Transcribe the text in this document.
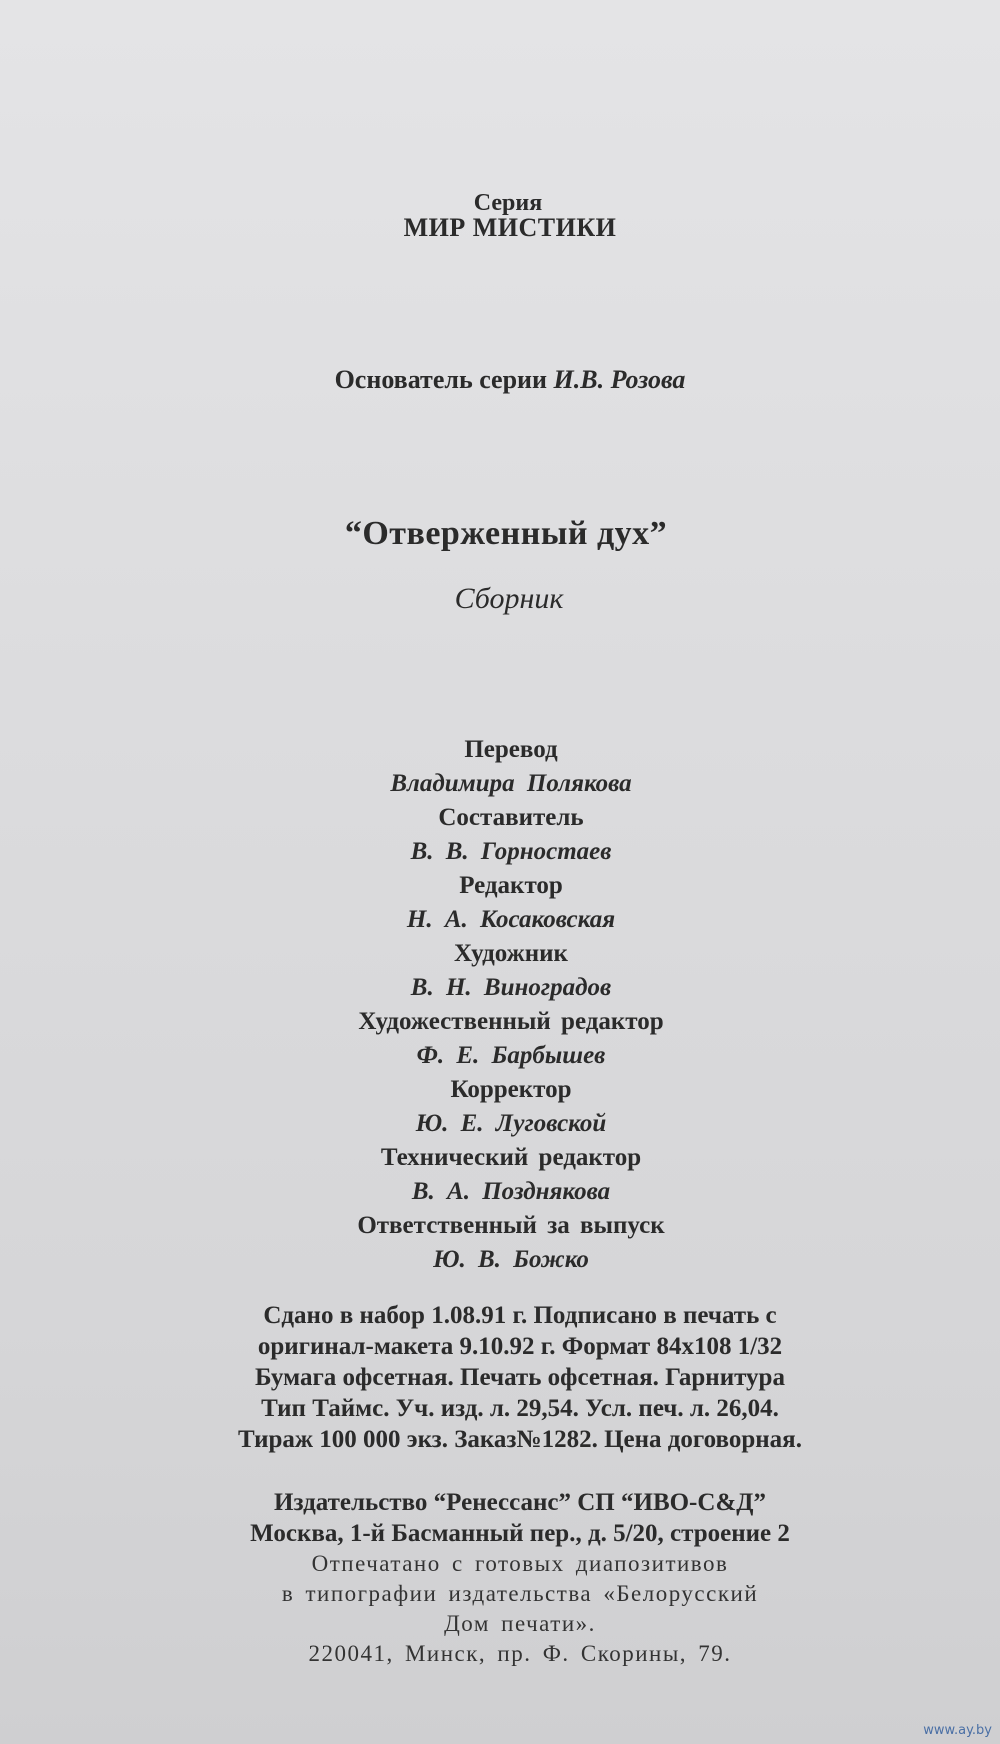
Серия
МИР МИСТИКИ
Основатель серии И.В. Розова
“Отверженный дух”
Сборник
Перевод
Владимира Полякова
Составитель
В. В. Горностаев
Редактор
Н. А. Косаковская
Художник
В. Н. Виноградов
Художественный редактор
Ф. Е. Барбышев
Корректор
Ю. Е. Луговской
Технический редактор
В. А. Позднякова
Ответственный за выпуск
Ю. В. Божко
Сдано в набор 1.08.91 г. Подписано в печать с
оригинал-макета 9.10.92 г. Формат 84x108 1/32
Бумага офсетная. Печать офсетная. Гарнитура
Тип Таймс. Уч. изд. л. 29,54. Усл. печ. л. 26,04.
Тираж 100 000 экз. Заказ№1282. Цена договорная.
Издательство “Ренессанс” СП “ИВО-С&Д”
Москва, 1-й Басманный пер., д. 5/20, строение 2
Отпечатано с готовых диапозитивов
в типографии издательства «Белорусский
Дом печати».
220041, Минск, пр. Ф. Скорины, 79.
www.ay.by
